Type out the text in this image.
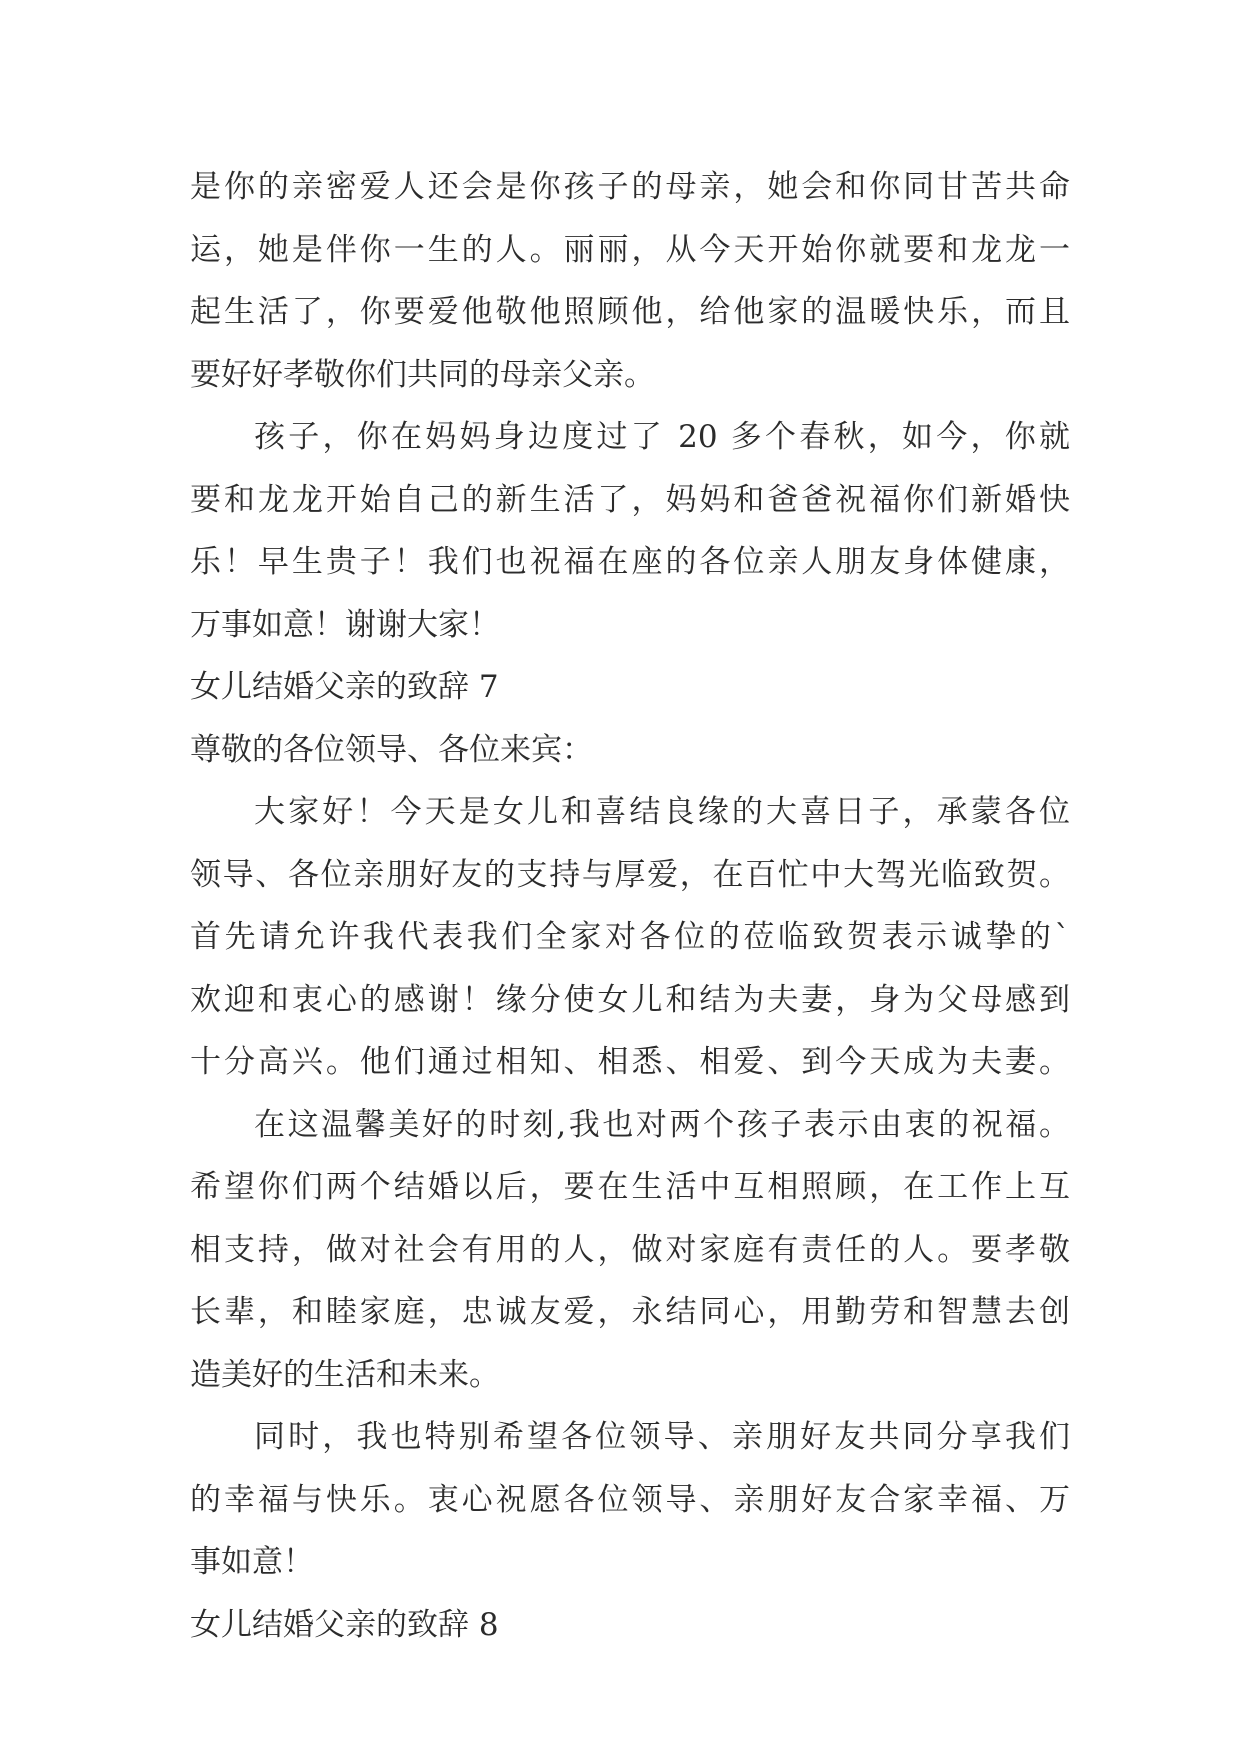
是你的亲密爱人还会是你孩子的母亲，她会和你同甘苦共命
运，她是伴你一生的人。丽丽，从今天开始你就要和龙龙一
起生活了，你要爱他敬他照顾他，给他家的温暖快乐，而且
要好好孝敬你们共同的母亲父亲。
孩子，你在妈妈身边度过了 20 多个春秋，如今，你就
要和龙龙开始自己的新生活了，妈妈和爸爸祝福你们新婚快
乐！早生贵子！我们也祝福在座的各位亲人朋友身体健康，
万事如意！谢谢大家！
女儿结婚父亲的致辞 7
尊敬的各位领导、各位来宾：
大家好！今天是女儿和喜结良缘的大喜日子，承蒙各位
领导、各位亲朋好友的支持与厚爱，在百忙中大驾光临致贺。
首先请允许我代表我们全家对各位的莅临致贺表示诚挚的`
欢迎和衷心的感谢！缘分使女儿和结为夫妻，身为父母感到
十分高兴。他们通过相知、相悉、相爱、到今天成为夫妻。
在这温馨美好的时刻,我也对两个孩子表示由衷的祝福。
希望你们两个结婚以后，要在生活中互相照顾，在工作上互
相支持，做对社会有用的人，做对家庭有责任的人。要孝敬
长辈，和睦家庭，忠诚友爱，永结同心，用勤劳和智慧去创
造美好的生活和未来。
同时，我也特别希望各位领导、亲朋好友共同分享我们
的幸福与快乐。衷心祝愿各位领导、亲朋好友合家幸福、万
事如意！
女儿结婚父亲的致辞 8
